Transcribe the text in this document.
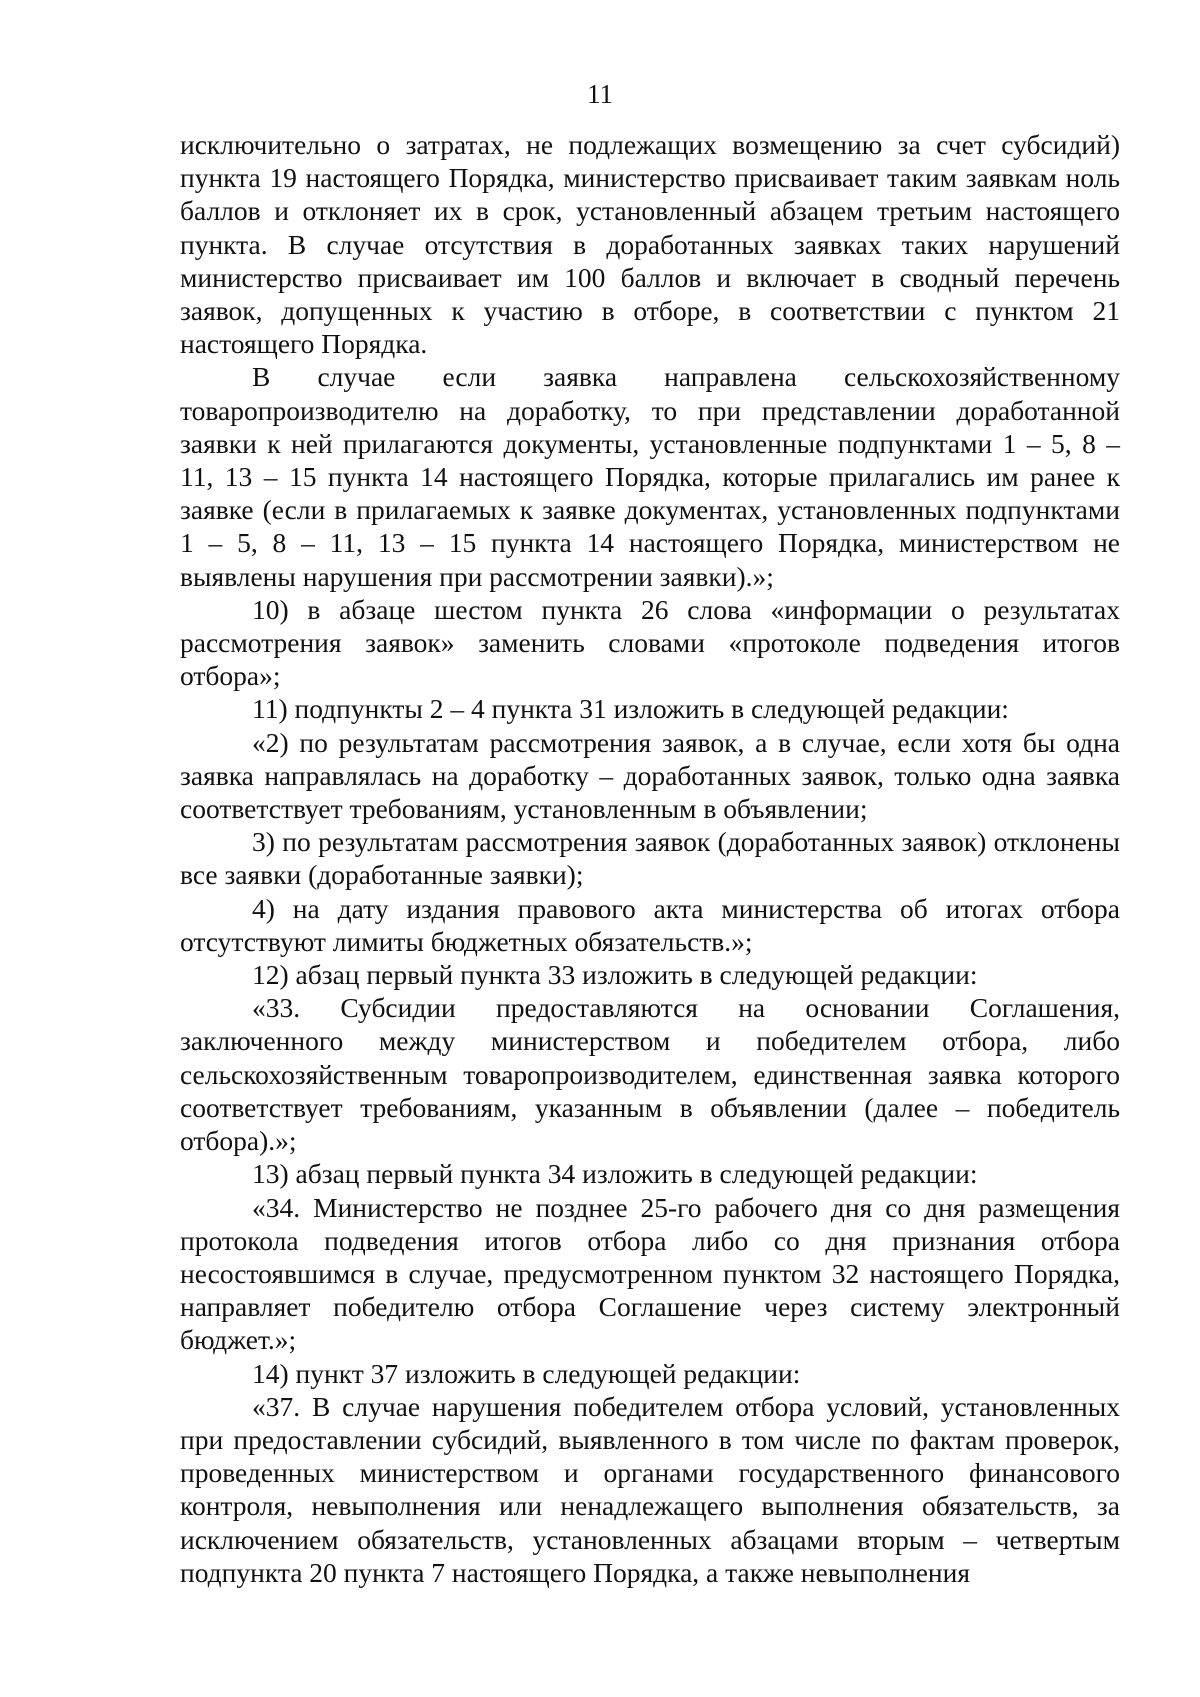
11

исключительно о затратах, не подлежащих возмещению за счет субсидий) пункта 19 настоящего Порядка, министерство присваивает таким заявкам ноль баллов и отклоняет их в срок, установленный абзацем третьим настоящего пункта. В случае отсутствия в доработанных заявках таких нарушений министерство присваивает им 100 баллов и включает в сводный перечень заявок, допущенных к участию в отборе, в соответствии с пунктом 21 настоящего Порядка.

В случае если заявка направлена сельскохозяйственному товаропроизводителю на доработку, то при представлении доработанной заявки к ней прилагаются документы, установленные подпунктами 1 – 5, 8 – 11, 13 – 15 пункта 14 настоящего Порядка, которые прилагались им ранее к заявке (если в прилагаемых к заявке документах, установленных подпунктами 1 – 5, 8 – 11, 13 – 15 пункта 14 настоящего Порядка, министерством не выявлены нарушения при рассмотрении заявки).»;

10) в абзаце шестом пункта 26 слова «информации о результатах рассмотрения заявок» заменить словами «протоколе подведения итогов отбора»;

11) подпункты 2 – 4 пункта 31 изложить в следующей редакции:

«2) по результатам рассмотрения заявок, а в случае, если хотя бы одна заявка направлялась на доработку – доработанных заявок, только одна заявка соответствует требованиям, установленным в объявлении;

3) по результатам рассмотрения заявок (доработанных заявок) отклонены все заявки (доработанные заявки);

4) на дату издания правового акта министерства об итогах отбора отсутствуют лимиты бюджетных обязательств.»;

12) абзац первый пункта 33 изложить в следующей редакции:

«33. Субсидии предоставляются на основании Соглашения, заключенного между министерством и победителем отбора, либо сельскохозяйственным товаропроизводителем, единственная заявка которого соответствует требованиям, указанным в объявлении (далее – победитель отбора).»;

13) абзац первый пункта 34 изложить в следующей редакции:

«34. Министерство не позднее 25-го рабочего дня со дня размещения протокола подведения итогов отбора либо со дня признания отбора несостоявшимся в случае, предусмотренном пунктом 32 настоящего Порядка, направляет победителю отбора Соглашение через систему электронный бюджет.»;

14) пункт 37 изложить в следующей редакции:

«37. В случае нарушения победителем отбора условий, установленных при предоставлении субсидий, выявленного в том числе по фактам проверок, проведенных министерством и органами государственного финансового контроля, невыполнения или ненадлежащего выполнения обязательств, за исключением обязательств, установленных абзацами вторым – четвертым подпункта 20 пункта 7 настоящего Порядка, а также невыполнения
